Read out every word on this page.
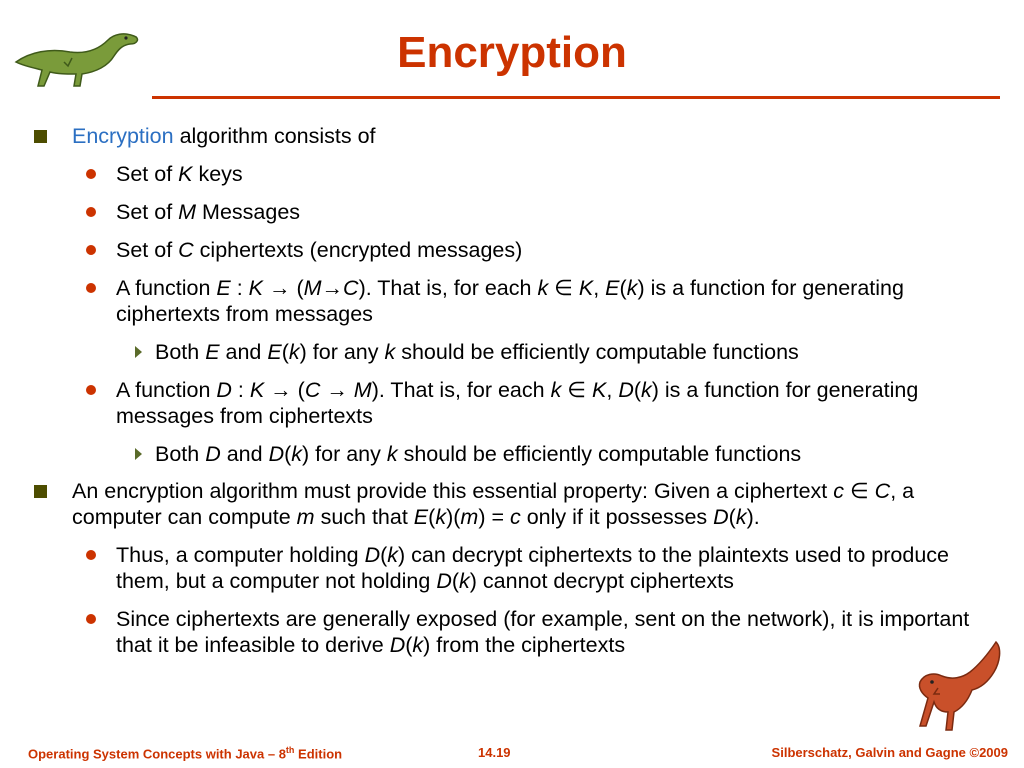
Encryption
Encryption algorithm consists of
Set of K keys
Set of M Messages
Set of C ciphertexts (encrypted messages)
A function E : K → (M→C). That is, for each k ∈ K, E(k) is a function for generating ciphertexts from messages
Both E and E(k) for any k should be efficiently computable functions
A function D : K → (C → M). That is, for each k ∈ K, D(k) is a function for generating messages from ciphertexts
Both D and D(k) for any k should be efficiently computable functions
An encryption algorithm must provide this essential property: Given a ciphertext c ∈ C, a computer can compute m such that E(k)(m) = c only if it possesses D(k).
Thus, a computer holding D(k) can decrypt ciphertexts to the plaintexts used to produce them, but a computer not holding D(k) cannot decrypt ciphertexts
Since ciphertexts are generally exposed (for example, sent on the network), it is important that it be infeasible to derive D(k) from the ciphertexts
Operating System Concepts with Java – 8th Edition	14.19	Silberschatz, Galvin and Gagne ©2009
